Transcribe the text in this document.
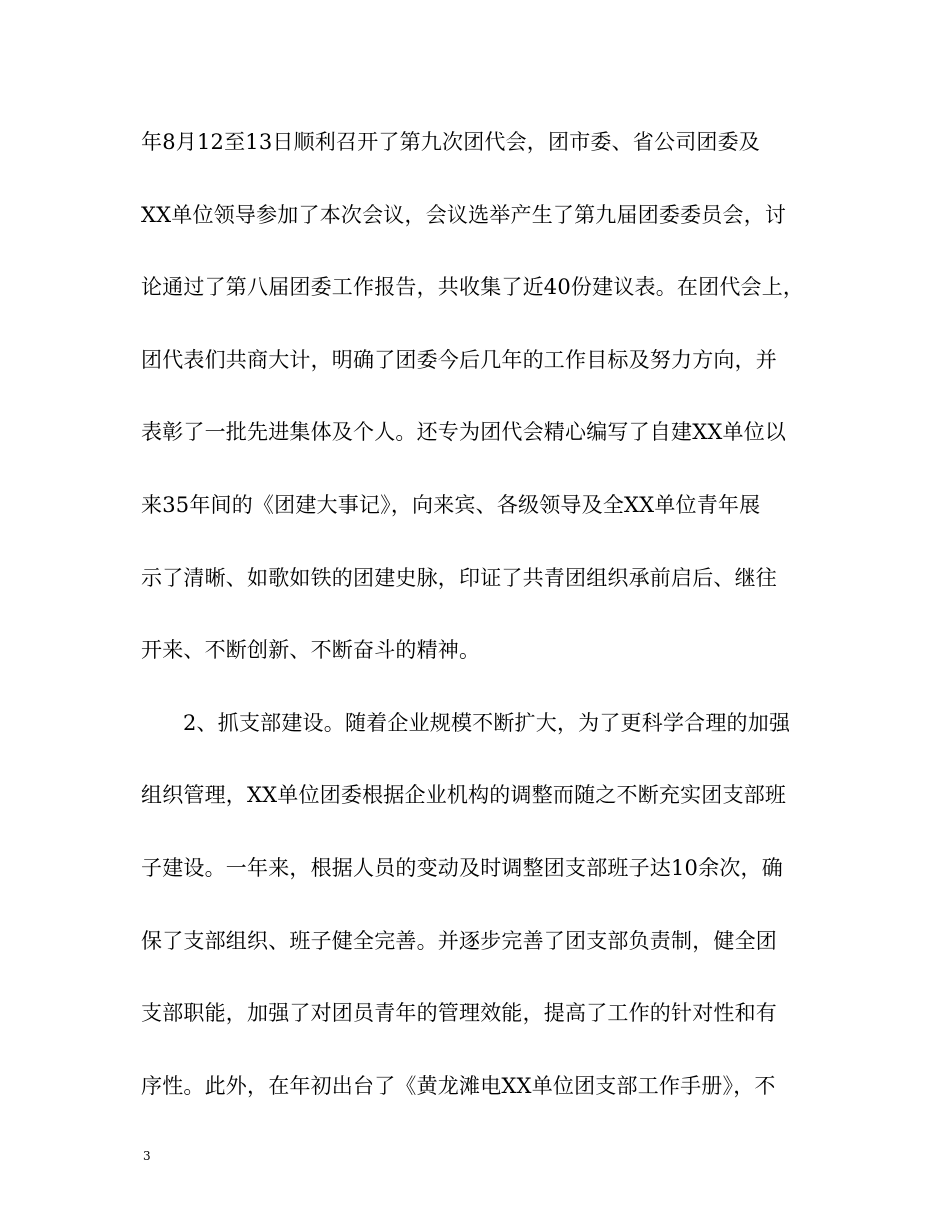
年8月12至13日顺利召开了第九次团代会，团市委、省公司团委及
XX单位领导参加了本次会议，会议选举产生了第九届团委委员会，讨
论通过了第八届团委工作报告，共收集了近40份建议表。在团代会上，
团代表们共商大计，明确了团委今后几年的工作目标及努力方向，并
表彰了一批先进集体及个人。还专为团代会精心编写了自建XX单位以
来35年间的《团建大事记》，向来宾、各级领导及全XX单位青年展
示了清晰、如歌如铁的团建史脉，印证了共青团组织承前启后、继往
开来、不断创新、不断奋斗的精神。
2、抓支部建设。随着企业规模不断扩大，为了更科学合理的加强
组织管理，XX单位团委根据企业机构的调整而随之不断充实团支部班
子建设。一年来，根据人员的变动及时调整团支部班子达10余次，确
保了支部组织、班子健全完善。并逐步完善了团支部负责制，健全团
支部职能，加强了对团员青年的管理效能，提高了工作的针对性和有
序性。此外，在年初出台了《黄龙滩电XX单位团支部工作手册》，不
3
